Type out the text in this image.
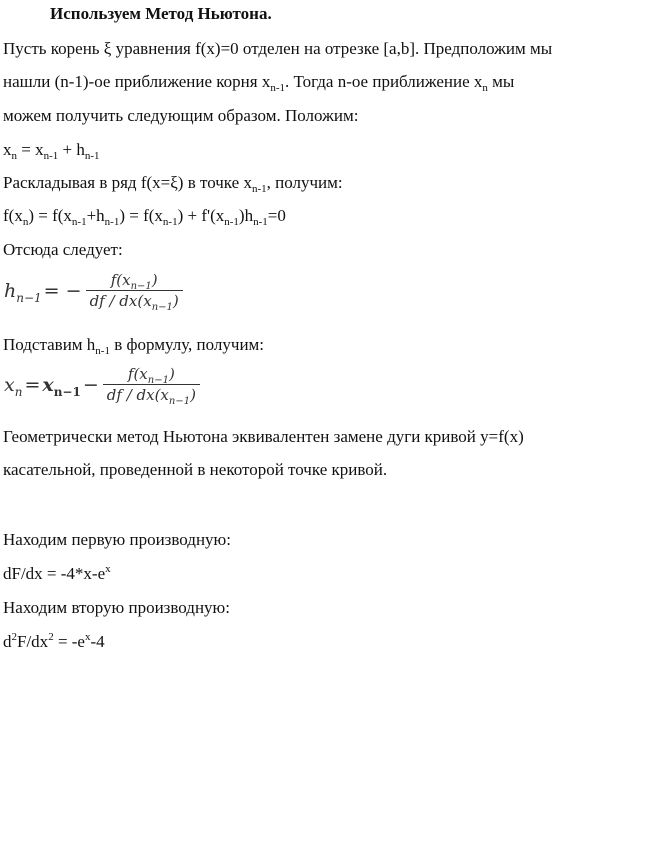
Используем Метод Ньютона.
Пусть корень ξ уравнения f(x)=0 отделен на отрезке [a,b]. Предположим мы
нашли (n-1)-ое приближение корня $x_{n-1}$. Тогда n-ое приближение $x_n$ мы
можем получить следующим образом. Положим:
$x_n = x_{n-1} + h_{n-1}$
Раскладывая в ряд f(x=ξ) в точке $x_{n-1}$, получим:
$f(x_n) = f(x_{n-1}+h_{n-1}) = f(x_{n-1}) + f'(x_{n-1})h_{n-1}=0$
Отсюда следует:
$h_{n-1}$ = − $\frac{f(x_{n-1})}{df / dx(x_{n-1})}$
Подставим $h_{n-1}$ в формулу, получим:
$x_n = x_{n-1} - \frac{f(x_{n-1})}{df / dx(x_{n-1})}$
Геометрически метод Ньютона эквивалентен замене дуги кривой y=f(x)
касательной, проведенной в некоторой точке кривой.
Находим первую производную:
$dF/dx = -4*x-e^x$
Находим вторую производную:
$d^2F/dx^2 = -e^x-4$
